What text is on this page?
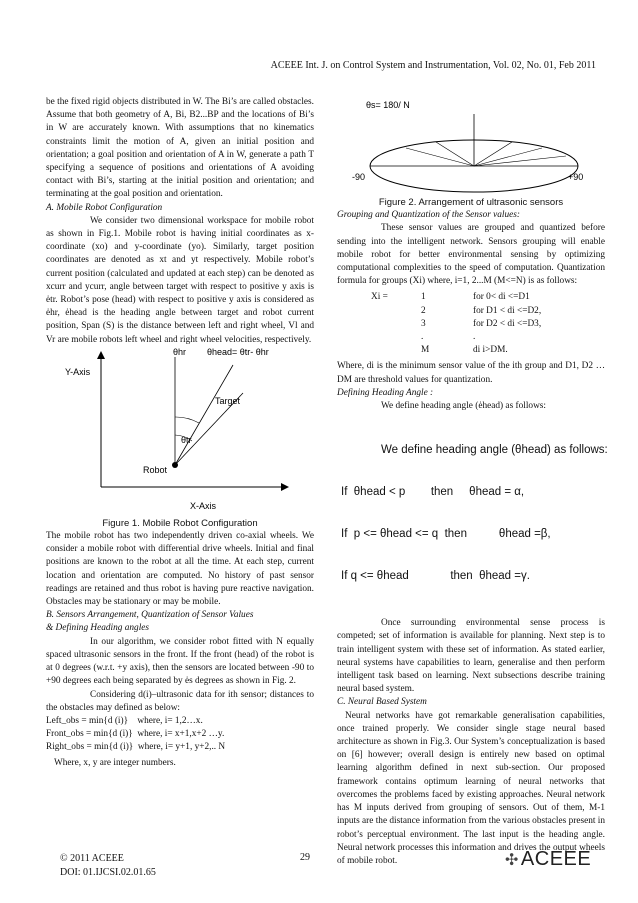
ACEEE Int. J. on Control System and Instrumentation, Vol. 02, No. 01, Feb 2011

be the fixed rigid objects distributed in W. The Bi’s are called obstacles. Assume that both geometry of A, Bi, B2...BP and the locations of Bi’s in W are accurately known. With assumptions that no kinematics constraints limit the motion of A, given an initial position and orientation; a goal position and orientation of A in W, generate a path T specifying a sequence of positions and orientations of A avoiding contact with Bi’s, starting at the initial position and orientation; and terminating at the goal position and orientation.

A. Mobile Robot Configuration

We consider two dimensional workspace for mobile robot as shown in Fig.1. Mobile robot is having initial coordinates as x-coordinate (xo) and y-coordinate (yo). Similarly, target position coordinates are denoted as xt and yt respectively. Mobile robot’s current position (calculated and updated at each step) can be denoted as xcurr and ycurr, angle between target with respect to positive y axis is ėtr. Robot’s pose (head) with respect to positive y axis is considered as ėhr, ėhead is the heading angle between target and robot current position, Span (S) is the distance between left and right wheel, Vl and Vr are mobile robots left wheel and right wheel velocities, respectively.

Y-Axis
X-Axis
Target
Robot
θhr
θtr
θhead= θtr- θhr

Figure 1. Mobile Robot Configuration

The mobile robot has two independently driven co-axial wheels. We consider a mobile robot with differential drive wheels. Initial and final positions are known to the robot at all the time. At each step, current location and orientation are computed. No history of past sensor readings are retained and thus robot is having pure reactive navigation. Obstacles may be stationary or may be mobile.

B. Sensors Arrangement, Quantization of Sensor Values

& Defining Heading angles

In our algorithm, we consider robot fitted with N equally spaced ultrasonic sensors in the front. If the front (head) of the robot is at 0 degrees (w.r.t. +y axis), then the sensors are located between -90 to +90 degrees each being separated by ės degrees as shown in Fig. 2.

Considering d(i)–ultrasonic data for ith sensor; distances to the obstacles may defined as below:

Left_obs = min{d (i)}    where, i= 1,2…x.

Front_obs = min{d (i)}  where, i= x+1,x+2 …y.

Right_obs = min{d (i)}  where, i= y+1, y+2,.. N

Where, x, y are integer numbers.

θs= 180/ N
-90	+90

Figure 2. Arrangement of ultrasonic sensors

Grouping and Quantization of the Sensor values:

These sensor values are grouped and quantized before sending into the intelligent network. Sensors grouping will enable mobile robot for better environmental sensing by optimizing computational complexities to the speed of computation. Quantization formula for groups (Xi) where, i=1, 2...M (M<=N) is as follows:

Xi =	1	for 0< di <=D1
2	for D1 < di <=D2,
3	for D2 < di <=D3,
.	.
M	di i>DM.

Where, di is the minimum sensor value of the ith group and D1, D2 … DM are threshold values for quantization.

Defining Heading Angle :

We define heading angle (ėhead) as follows:

We define heading angle (θhead) as follows:

If  θhead < p        then     θhead = α,

If  p <= θhead <= q  then          θhead =β,

If q <= θhead             then  θhead =γ.

Once surrounding environmental sense process is competed; set of information is available for planning. Next step is to train intelligent system with these set of information. As stated earlier, neural systems have capabilities to learn, generalise and then perform intelligent task based on learning. Next subsections describe training neural based system.

C. Neural Based System

Neural networks have got remarkable generalisation capabilities, once trained properly. We consider single stage neural based architecture as shown in Fig.3. Our System’s conceptualization is based on [6] however; overall design is entirely new based on optimal learning algorithm defined in next sub-section. Our proposed framework contains optimum learning of neural networks that overcomes the problems faced by existing approaches. Neural network has M inputs derived from grouping of sensors. Out of them, M-1 inputs are the distance information from the various obstacles present in robot’s perceptual environment. The last input is the heading angle. Neural network processes this information and drives the output wheels of mobile robot.

© 2011 ACEEE
DOI: 01.IJCSI.02.01.65
29	✣ ACEEE
